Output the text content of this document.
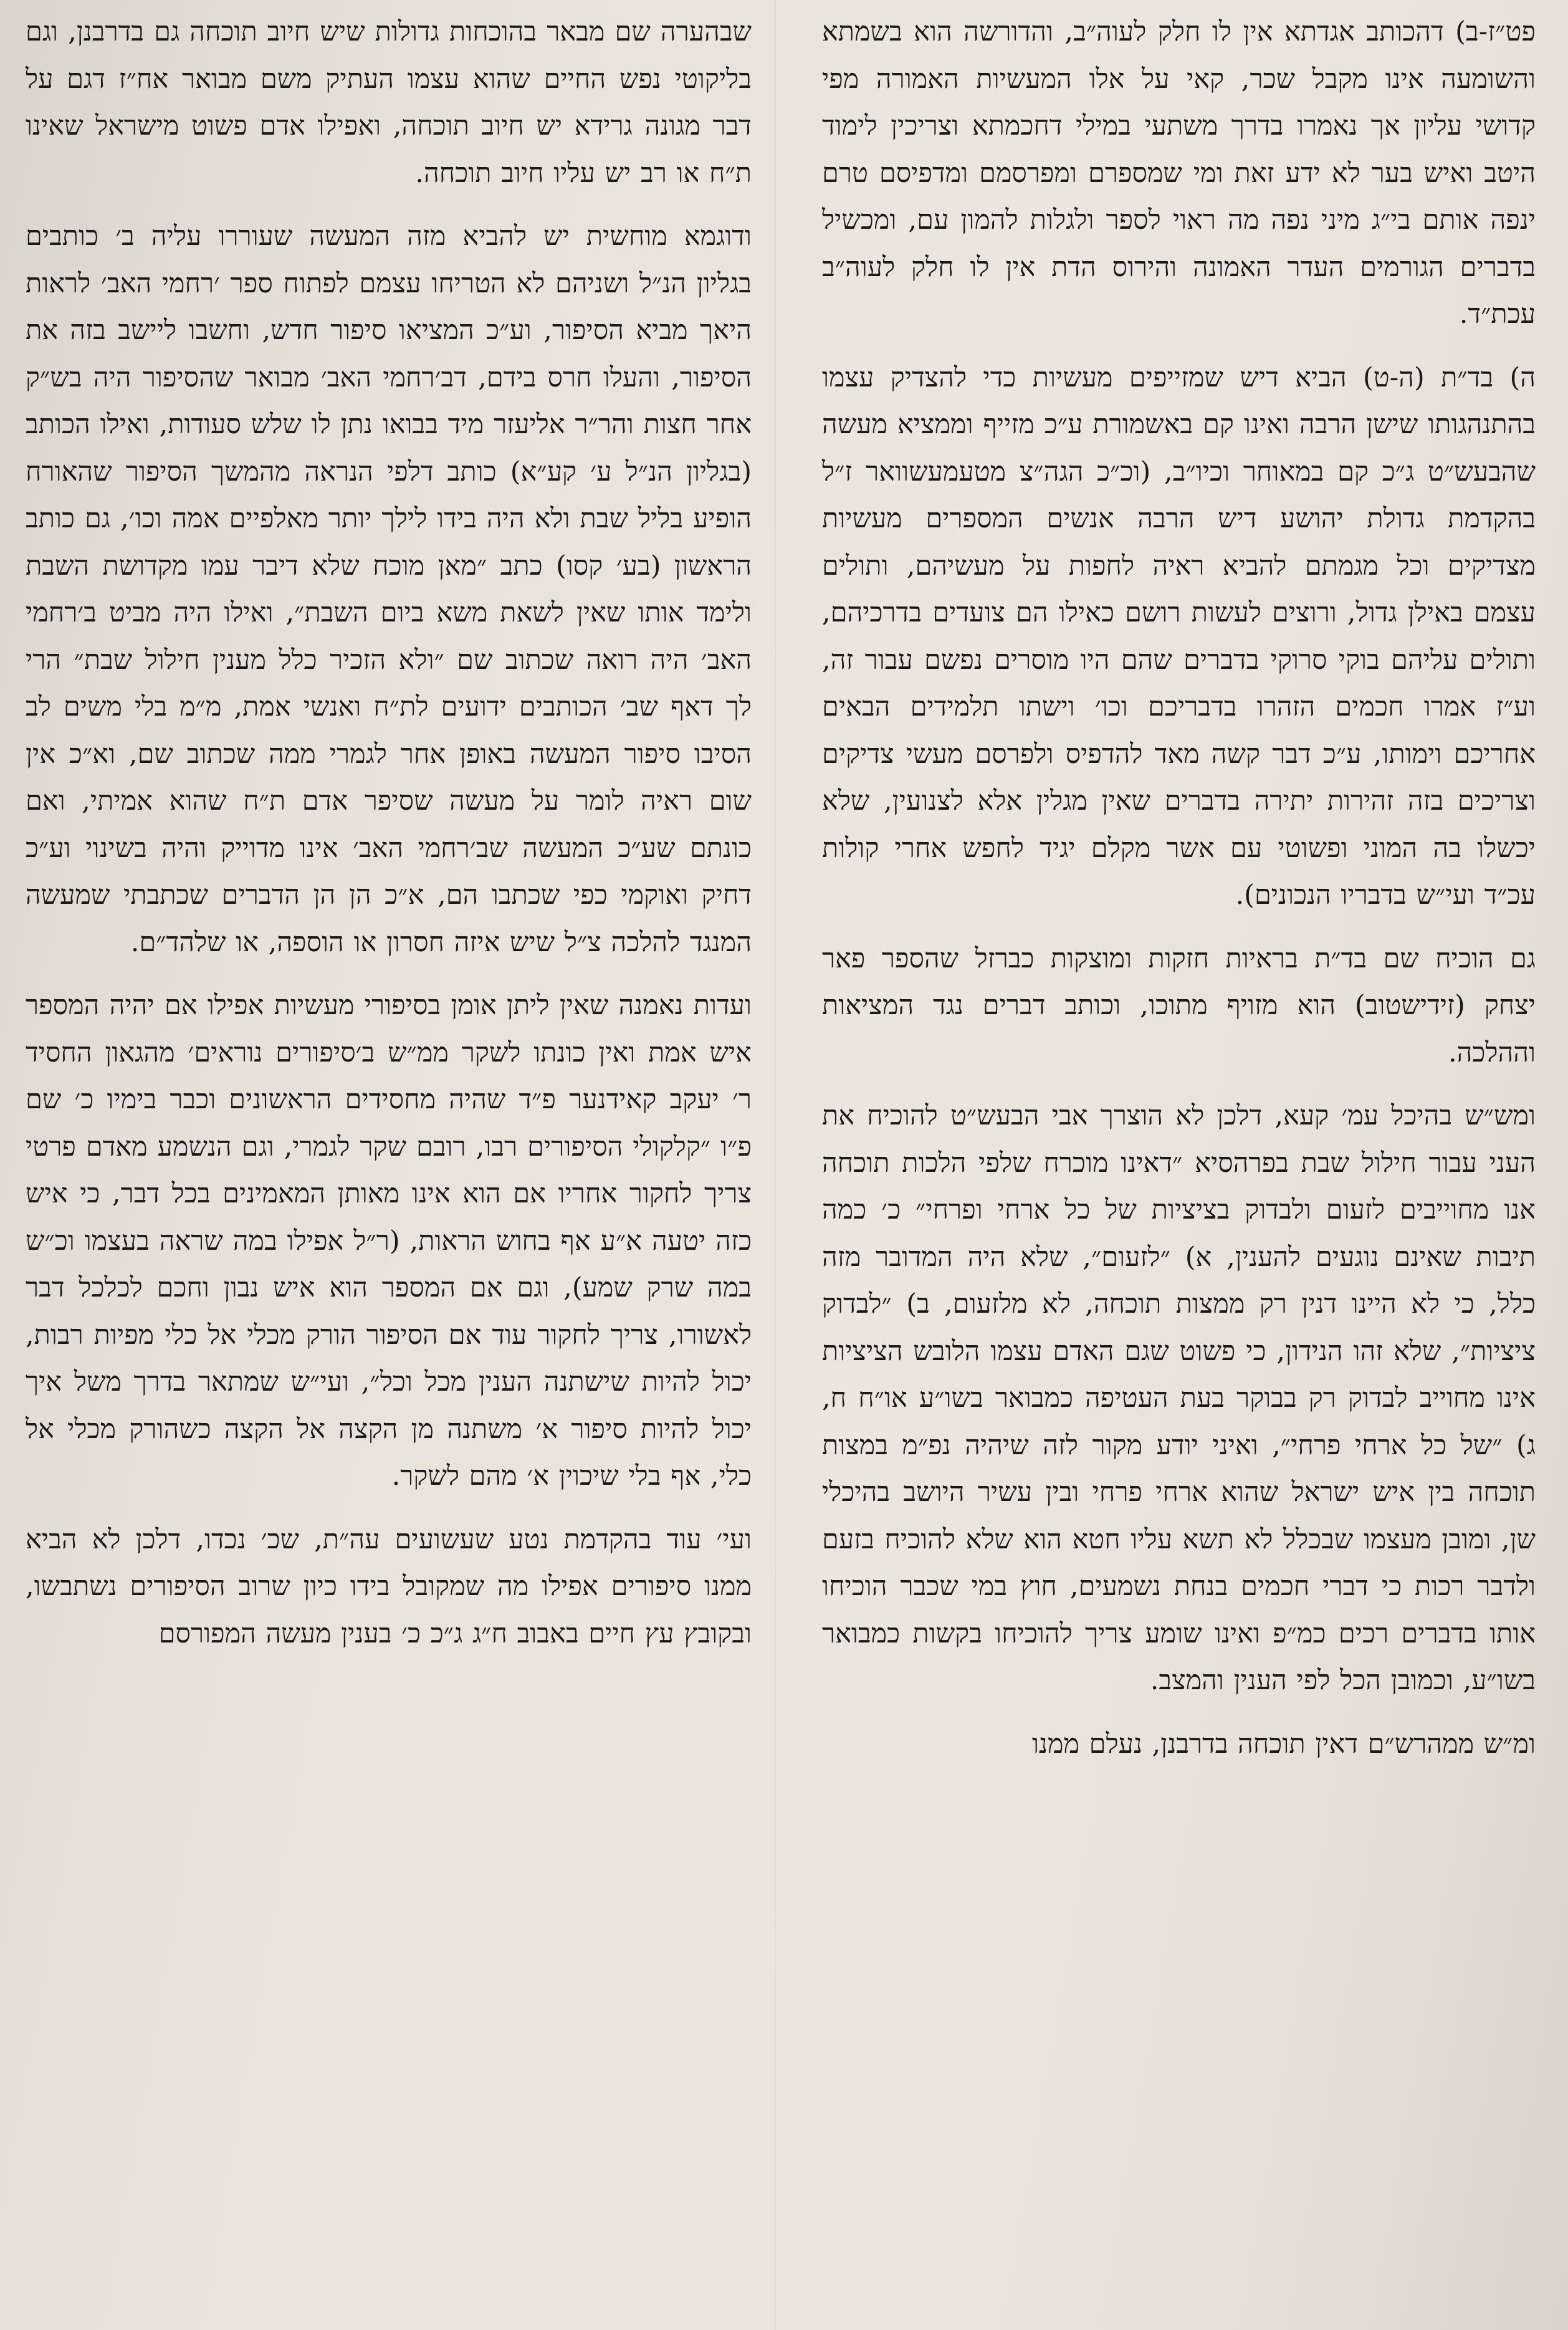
פט״ז-ב) דהכותב אגדתא אין לו חלק לעוה״ב, והדורשה הוא בשמתא והשומעה אינו מקבל שכר, קאי על אלו המעשיות האמורה מפי קדושי עליון אך נאמרו בדרך משתעי במילי דחכמתא וצריכין לימוד היטב ואיש בער לא ידע זאת ומי שמספרם ומפרסמם ומדפיסם טרם ינפה אותם בי״ג מיני נפה מה ראוי לספר ולגלות להמון עם, ומכשיל בדברים הגורמים העדר האמונה והירוס הדת אין לו חלק לעוה״ב עכת״ד.

ה) בד״ת (ה-ט) הביא דיש שמזייפים מעשיות כדי להצדיק עצמו בהתנהגותו שישן הרבה ואינו קם באשמורת ע״כ מזייף וממציא מעשה שהבעש״ט ג״כ קם במאוחר וכיו״ב, (וכ״כ הגה״צ מטעמעשוואר ז״ל בהקדמת גדולת יהושע דיש הרבה אנשים המספרים מעשיות מצדיקים וכל מגמתם להביא ראיה לחפות על מעשיהם, ותולים עצמם באילן גדול, ורוצים לעשות רושם כאילו הם צועדים בדרכיהם, ותולים עליהם בוקי סרוקי בדברים שהם היו מוסרים נפשם עבור זה, וע״ז אמרו חכמים הזהרו בדבריכם וכו׳ וישתו תלמידים הבאים אחריכם וימותו, ע״כ דבר קשה מאד להדפיס ולפרסם מעשי צדיקים וצריכים בזה זהירות יתירה בדברים שאין מגלין אלא לצנועין, שלא יכשלו בה המוני ופשוטי עם אשר מקלם יגיד לחפש אחרי קולות עכ״ד ועי״ש בדבריו הנכונים).

גם הוכיח שם בד״ת בראיות חזקות ומוצקות כברזל שהספר פאר יצחק (זידישטוב) הוא מזויף מתוכו, וכותב דברים נגד המציאות וההלכה.

ומש״ש בהיכל עמ׳ קעא, דלכן לא הוצרך אבי הבעש״ט להוכיח את העני עבור חילול שבת בפרהסיא ״דאינו מוכרח שלפי הלכות תוכחה אנו מחוייבים לזעום ולבדוק בציציות של כל ארחי ופרחי״ כ׳ כמה תיבות שאינם נוגעים להענין, א) ״לזעום״, שלא היה המדובר מזה כלל, כי לא היינו דנין רק ממצות תוכחה, לא מלזעום, ב) ״לבדוק ציציות״, שלא זהו הנידון, כי פשוט שגם האדם עצמו הלובש הציציות אינו מחוייב לבדוק רק בבוקר בעת העטיפה כמבואר בשו״ע או״ח ח, ג) ״של כל ארחי פרחי״, ואיני יודע מקור לזה שיהיה נפ״מ במצות תוכחה בין איש ישראל שהוא ארחי פרחי ובין עשיר היושב בהיכלי שן, ומובן מעצמו שבכלל לא תשא עליו חטא הוא שלא להוכיח בזעם ולדבר רכות כי דברי חכמים בנחת נשמעים, חוץ במי שכבר הוכיחו אותו בדברים רכים כמ״פ ואינו שומע צריך להוכיחו בקשות כמבואר בשו״ע, וכמובן הכל לפי הענין והמצב.

ומ״ש ממהרש״ם דאין תוכחה בדרבנן, נעלם ממנו

שבהערה שם מבאר בהוכחות גדולות שיש חיוב תוכחה גם בדרבנן, וגם בליקוטי נפש החיים שהוא עצמו העתיק משם מבואר אח״ז דגם על דבר מגונה גרידא יש חיוב תוכחה, ואפילו אדם פשוט מישראל שאינו ת״ח או רב יש עליו חיוב תוכחה.

ודוגמא מוחשית יש להביא מזה המעשה שעוררו עליה ב׳ כותבים בגליון הנ״ל ושניהם לא הטריחו עצמם לפתוח ספר ׳רחמי האב׳ לראות היאך מביא הסיפור, וע״כ המציאו סיפור חדש, וחשבו ליישב בזה את הסיפור, והעלו חרס בידם, דב׳רחמי האב׳ מבואר שהסיפור היה בש״ק אחר חצות והר״ר אליעזר מיד בבואו נתן לו שלש סעודות, ואילו הכותב (בגליון הנ״ל ע׳ קע״א) כותב דלפי הנראה מהמשך הסיפור שהאורח הופיע בליל שבת ולא היה בידו לילך יותר מאלפיים אמה וכו׳, גם כותב הראשון (בע׳ קסו) כתב ״מאן מוכח שלא דיבר עמו מקדושת השבת ולימד אותו שאין לשאת משא ביום השבת״, ואילו היה מביט ב׳רחמי האב׳ היה רואה שכתוב שם ״ולא הזכיר כלל מענין חילול שבת״ הרי לך דאף שב׳ הכותבים ידועים לת״ח ואנשי אמת, מ״מ בלי משים לב הסיבו סיפור המעשה באופן אחר לגמרי ממה שכתוב שם, וא״כ אין שום ראיה לומר על מעשה שסיפר אדם ת״ח שהוא אמיתי, ואם כונתם שע״כ המעשה שב׳רחמי האב׳ אינו מדוייק והיה בשינוי וע״כ דחיק ואוקמי כפי שכתבו הם, א״כ הן הן הדברים שכתבתי שמעשה המנגד להלכה צ״ל שיש איזה חסרון או הוספה, או שלהד״ם.

ועדות נאמנה שאין ליתן אומן בסיפורי מעשיות אפילו אם יהיה המספר איש אמת ואין כונתו לשקר ממ״ש ב׳סיפורים נוראים׳ מהגאון החסיד ר׳ יעקב קאידנער פ״ד שהיה מחסידים הראשונים וכבר בימיו כ׳ שם פ״ו ״קלקולי הסיפורים רבו, רובם שקר לגמרי, וגם הנשמע מאדם פרטי צריך לחקור אחריו אם הוא אינו מאותן המאמינים בכל דבר, כי איש כזה יטעה א״ע אף בחוש הראות, (ר״ל אפילו במה שראה בעצמו וכ״ש במה שרק שמע), וגם אם המספר הוא איש נבון וחכם לכלכל דבר לאשורו, צריך לחקור עוד אם הסיפור הורק מכלי אל כלי מפיות רבות, יכול להיות שישתנה הענין מכל וכל״, ועי״ש שמתאר בדרך משל איך יכול להיות סיפור א׳ משתנה מן הקצה אל הקצה כשהורק מכלי אל כלי, אף בלי שיכוין א׳ מהם לשקר.

ועי׳ עוד בהקדמת נטע שעשועים עה״ת, שכ׳ נכדו, דלכן לא הביא ממנו סיפורים אפילו מה שמקובל בידו כיון שרוב הסיפורים נשתבשו, ובקובץ עץ חיים באבוב ח״ג ג״כ כ׳ בענין מעשה המפורסם
